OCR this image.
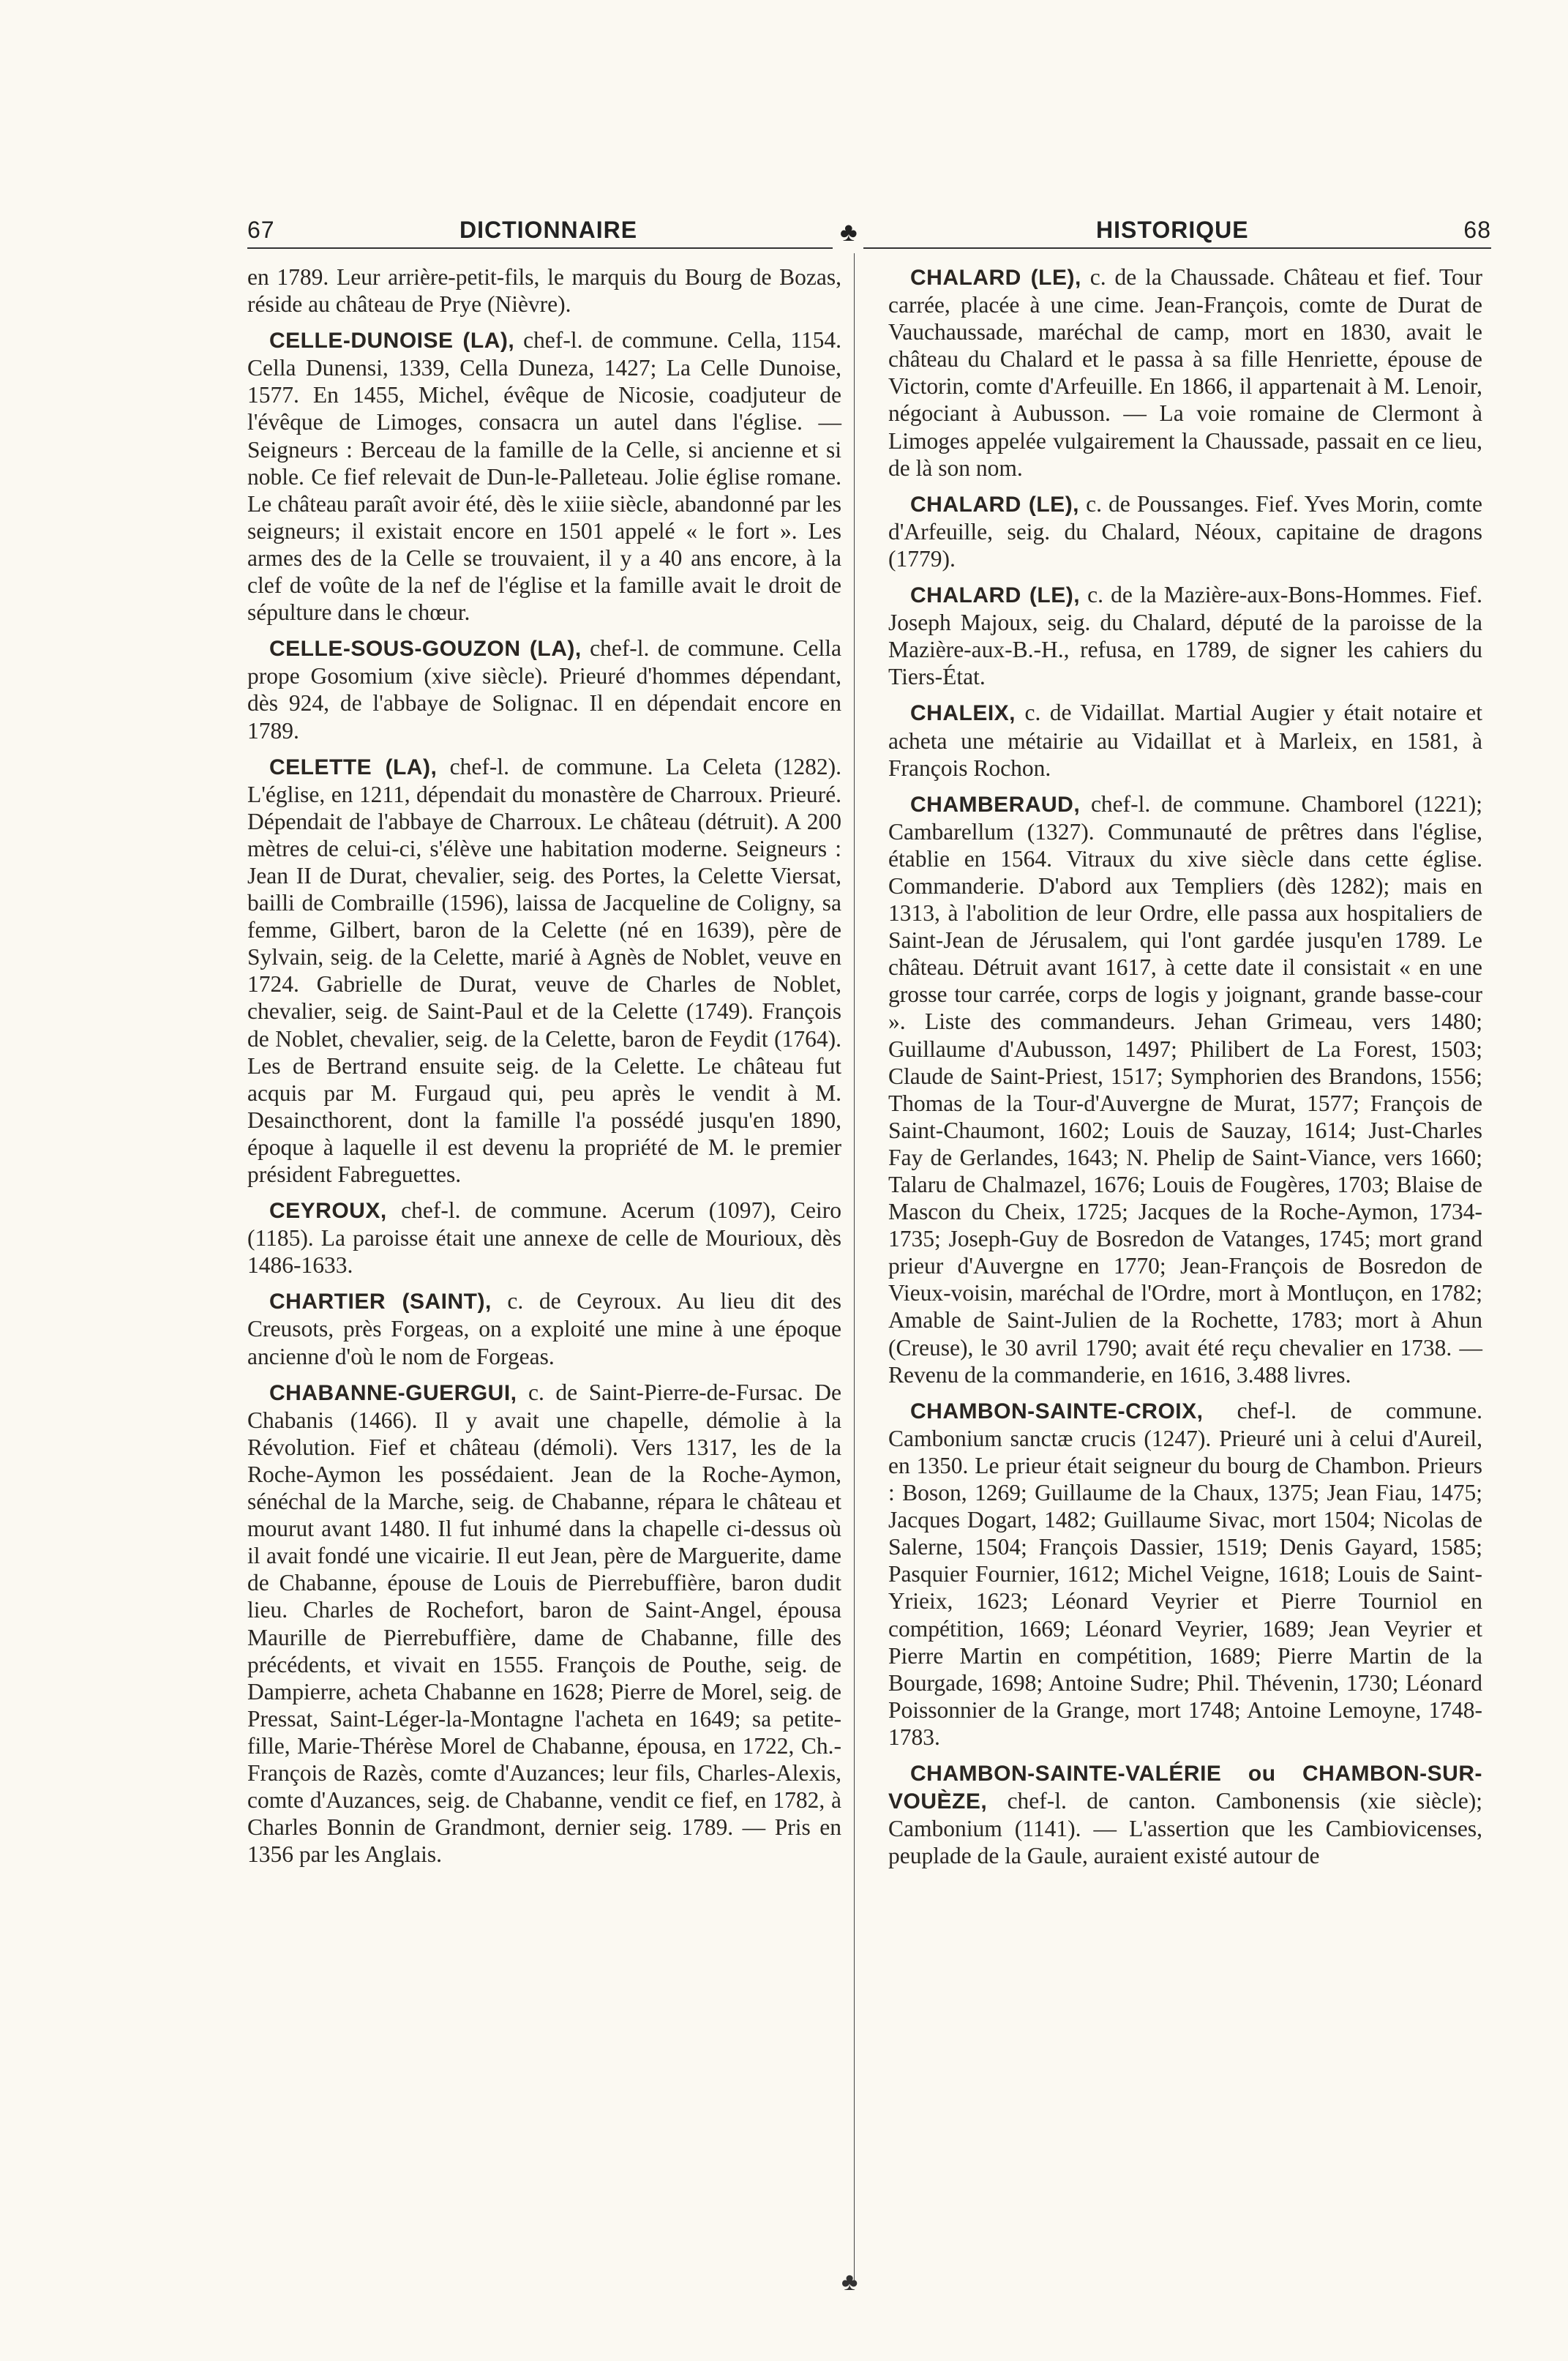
67	DICTIONNAIRE	♣	HISTORIQUE	68
♣

en 1789. Leur arrière-petit-fils, le marquis du Bourg de Bozas, réside au château de Prye (Nièvre).

CELLE-DUNOISE (LA), chef-l. de commune. Cella, 1154. Cella Dunensi, 1339, Cella Duneza, 1427; La Celle Dunoise, 1577. En 1455, Michel, évêque de Nicosie, coadjuteur de l'évêque de Limoges, consacra un autel dans l'église. — Seigneurs : Berceau de la famille de la Celle, si ancienne et si noble. Ce fief relevait de Dun-le-Palleteau. Jolie église romane. Le château paraît avoir été, dès le xiiie siècle, abandonné par les seigneurs; il existait encore en 1501 appelé « le fort ». Les armes des de la Celle se trouvaient, il y a 40 ans encore, à la clef de voûte de la nef de l'église et la famille avait le droit de sépulture dans le chœur.

CELLE-SOUS-GOUZON (LA), chef-l. de commune. Cella prope Gosomium (xive siècle). Prieuré d'hommes dépendant, dès 924, de l'abbaye de Solignac. Il en dépendait encore en 1789.

CELETTE (LA), chef-l. de commune. La Celeta (1282). L'église, en 1211, dépendait du monastère de Charroux. Prieuré. Dépendait de l'abbaye de Charroux. Le château (détruit). A 200 mètres de celui-ci, s'élève une habitation moderne. Seigneurs : Jean II de Durat, chevalier, seig. des Portes, la Celette Viersat, bailli de Combraille (1596), laissa de Jacqueline de Coligny, sa femme, Gilbert, baron de la Celette (né en 1639), père de Sylvain, seig. de la Celette, marié à Agnès de Noblet, veuve en 1724. Gabrielle de Durat, veuve de Charles de Noblet, chevalier, seig. de Saint-Paul et de la Celette (1749). François de Noblet, chevalier, seig. de la Celette, baron de Feydit (1764). Les de Bertrand ensuite seig. de la Celette. Le château fut acquis par M. Furgaud qui, peu après le vendit à M. Desaincthorent, dont la famille l'a possédé jusqu'en 1890, époque à laquelle il est devenu la propriété de M. le premier président Fabreguettes.

CEYROUX, chef-l. de commune. Acerum (1097), Ceiro (1185). La paroisse était une annexe de celle de Mourioux, dès 1486-1633.

CHARTIER (SAINT), c. de Ceyroux. Au lieu dit des Creusots, près Forgeas, on a exploité une mine à une époque ancienne d'où le nom de Forgeas.

CHABANNE-GUERGUI, c. de Saint-Pierre-de-Fursac. De Chabanis (1466). Il y avait une chapelle, démolie à la Révolution. Fief et château (démoli). Vers 1317, les de la Roche-Aymon les possédaient. Jean de la Roche-Aymon, sénéchal de la Marche, seig. de Chabanne, répara le château et mourut avant 1480. Il fut inhumé dans la chapelle ci-dessus où il avait fondé une vicairie. Il eut Jean, père de Marguerite, dame de Chabanne, épouse de Louis de Pierrebuffière, baron dudit lieu. Charles de Rochefort, baron de Saint-Angel, épousa Maurille de Pierrebuffière, dame de Chabanne, fille des précédents, et vivait en 1555. François de Pouthe, seig. de Dampierre, acheta Chabanne en 1628; Pierre de Morel, seig. de Pressat, Saint-Léger-la-Montagne l'acheta en 1649; sa petite-fille, Marie-Thérèse Morel de Chabanne, épousa, en 1722, Ch.-François de Razès, comte d'Auzances; leur fils, Charles-Alexis, comte d'Auzances, seig. de Chabanne, vendit ce fief, en 1782, à Charles Bonnin de Grandmont, dernier seig. 1789. — Pris en 1356 par les Anglais.

CHALARD (LE), c. de la Chaussade. Château et fief. Tour carrée, placée à une cime. Jean-François, comte de Durat de Vauchaussade, maréchal de camp, mort en 1830, avait le château du Chalard et le passa à sa fille Henriette, épouse de Victorin, comte d'Arfeuille. En 1866, il appartenait à M. Lenoir, négociant à Aubusson. — La voie romaine de Clermont à Limoges appelée vulgairement la Chaussade, passait en ce lieu, de là son nom.

CHALARD (LE), c. de Poussanges. Fief. Yves Morin, comte d'Arfeuille, seig. du Chalard, Néoux, capitaine de dragons (1779).

CHALARD (LE), c. de la Mazière-aux-Bons-Hommes. Fief. Joseph Majoux, seig. du Chalard, député de la paroisse de la Mazière-aux-B.-H., refusa, en 1789, de signer les cahiers du Tiers-État.

CHALEIX, c. de Vidaillat. Martial Augier y était notaire et acheta une métairie au Vidaillat et à Marleix, en 1581, à François Rochon.

CHAMBERAUD, chef-l. de commune. Chamborel (1221); Cambarellum (1327). Communauté de prêtres dans l'église, établie en 1564. Vitraux du xive siècle dans cette église. Commanderie. D'abord aux Templiers (dès 1282); mais en 1313, à l'abolition de leur Ordre, elle passa aux hospitaliers de Saint-Jean de Jérusalem, qui l'ont gardée jusqu'en 1789. Le château. Détruit avant 1617, à cette date il consistait « en une grosse tour carrée, corps de logis y joignant, grande basse-cour ». Liste des commandeurs. Jehan Grimeau, vers 1480; Guillaume d'Aubusson, 1497; Philibert de La Forest, 1503; Claude de Saint-Priest, 1517; Symphorien des Brandons, 1556; Thomas de la Tour-d'Auvergne de Murat, 1577; François de Saint-Chaumont, 1602; Louis de Sauzay, 1614; Just-Charles Fay de Gerlandes, 1643; N. Phelip de Saint-Viance, vers 1660; Talaru de Chalmazel, 1676; Louis de Fougères, 1703; Blaise de Mascon du Cheix, 1725; Jacques de la Roche-Aymon, 1734-1735; Joseph-Guy de Bosredon de Vatanges, 1745; mort grand prieur d'Auvergne en 1770; Jean-François de Bosredon de Vieux-voisin, maréchal de l'Ordre, mort à Montluçon, en 1782; Amable de Saint-Julien de la Rochette, 1783; mort à Ahun (Creuse), le 30 avril 1790; avait été reçu chevalier en 1738. — Revenu de la commanderie, en 1616, 3.488 livres.

CHAMBON-SAINTE-CROIX, chef-l. de commune. Cambonium sanctæ crucis (1247). Prieuré uni à celui d'Aureil, en 1350. Le prieur était seigneur du bourg de Chambon. Prieurs : Boson, 1269; Guillaume de la Chaux, 1375; Jean Fiau, 1475; Jacques Dogart, 1482; Guillaume Sivac, mort 1504; Nicolas de Salerne, 1504; François Dassier, 1519; Denis Gayard, 1585; Pasquier Fournier, 1612; Michel Veigne, 1618; Louis de Saint-Yrieix, 1623; Léonard Veyrier et Pierre Tourniol en compétition, 1669; Léonard Veyrier, 1689; Jean Veyrier et Pierre Martin en compétition, 1689; Pierre Martin de la Bourgade, 1698; Antoine Sudre; Phil. Thévenin, 1730; Léonard Poissonnier de la Grange, mort 1748; Antoine Lemoyne, 1748-1783.

CHAMBON-SAINTE-VALÉRIE ou CHAMBON-SUR-VOUÈZE, chef-l. de canton. Cambonensis (xie siècle); Cambonium (1141). — L'assertion que les Cambiovicenses, peuplade de la Gaule, auraient existé autour de
